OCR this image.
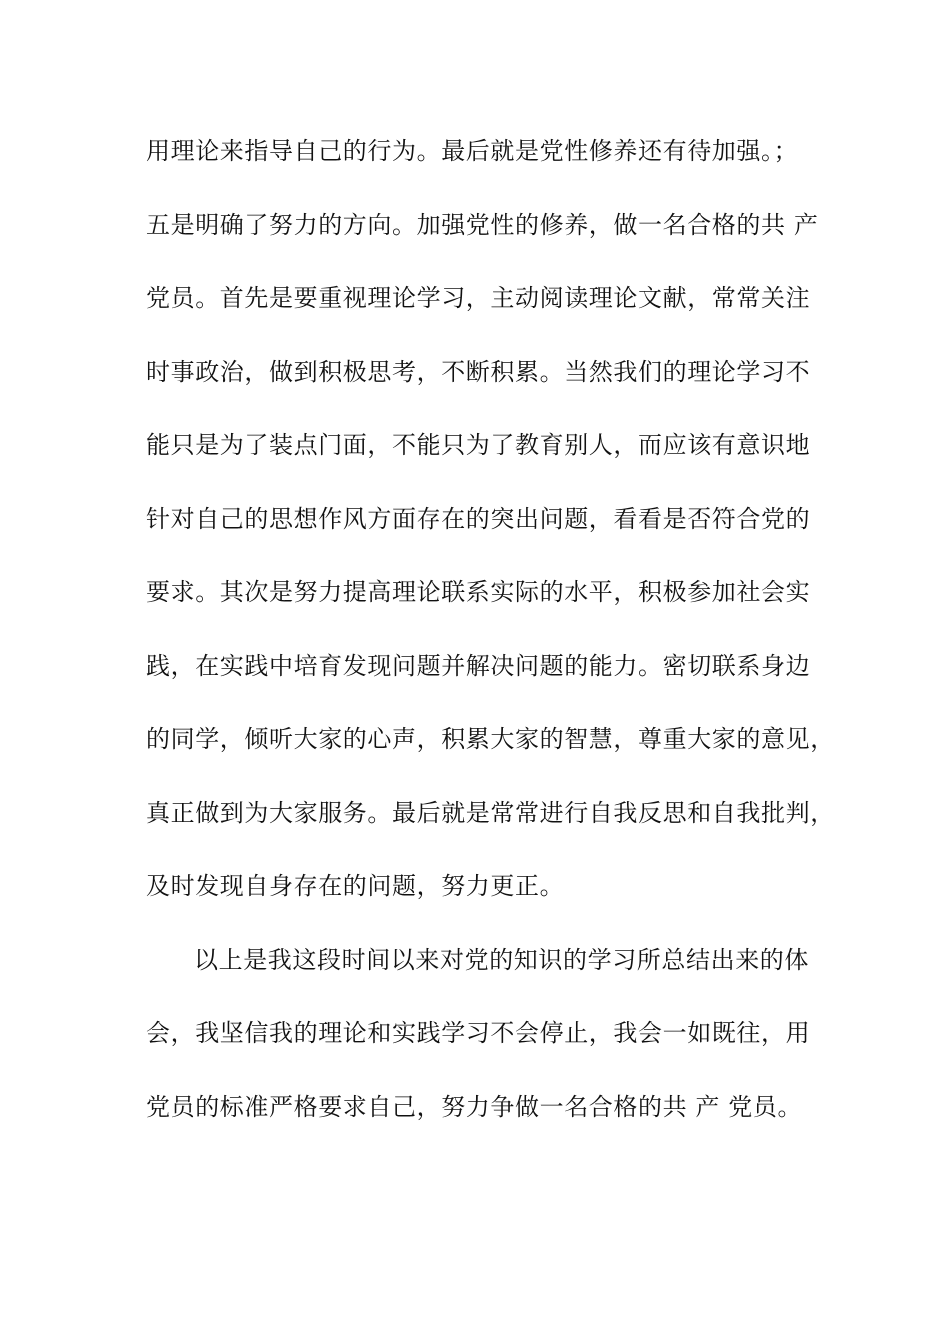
用理论来指导自己的行为。最后就是党性修养还有待加强。；
五是明确了努力的方向。加强党性的修养，做一名合格的共 产
党员。首先是要重视理论学习，主动阅读理论文献，常常关注
时事政治，做到积极思考，不断积累。当然我们的理论学习不
能只是为了装点门面，不能只为了教育别人，而应该有意识地
针对自己的思想作风方面存在的突出问题，看看是否符合党的
要求。其次是努力提高理论联系实际的水平，积极参加社会实
践，在实践中培育发现问题并解决问题的能力。密切联系身边
的同学，倾听大家的心声，积累大家的智慧，尊重大家的意见，
真正做到为大家服务。最后就是常常进行自我反思和自我批判，
及时发现自身存在的问题，努力更正。
以上是我这段时间以来对党的知识的学习所总结出来的体
会，我坚信我的理论和实践学习不会停止，我会一如既往，用
党员的标准严格要求自己，努力争做一名合格的共 产 党员。
